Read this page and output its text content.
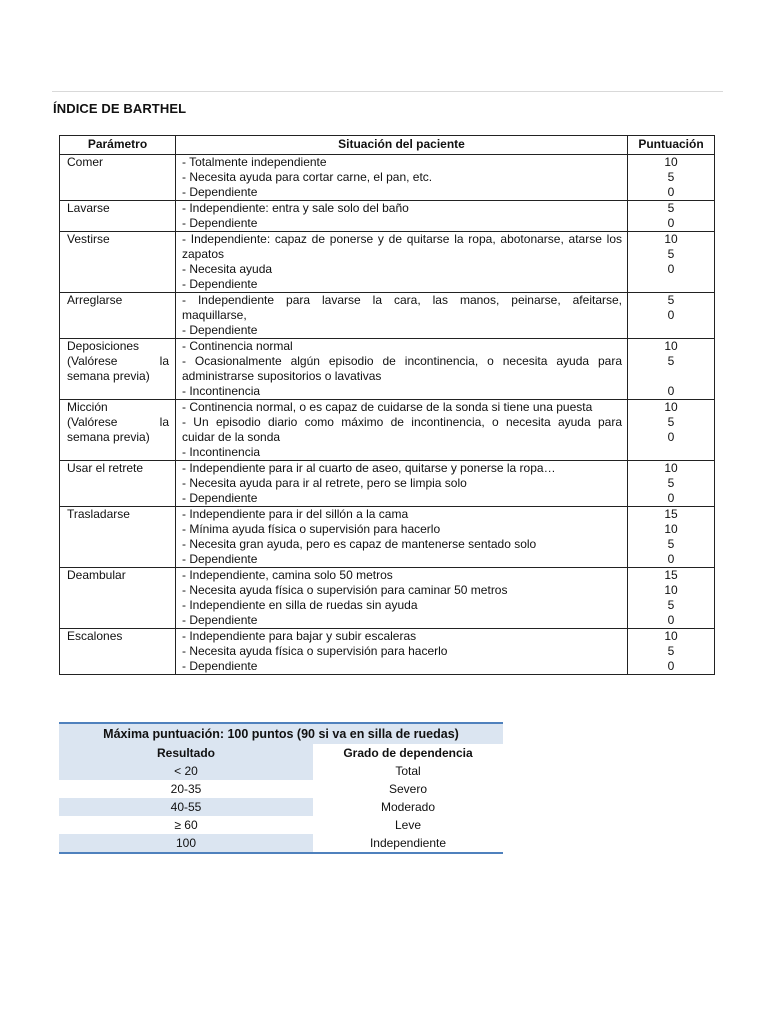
ÍNDICE DE BARTHEL
Parámetro	Situación del paciente	Puntuación

Comer	- Totalmente independiente
- Necesita ayuda para cortar carne, el pan, etc.
- Dependiente	10
5
0

Lavarse	- Independiente: entra y sale solo del baño
- Dependiente	5
0

Vestirse	- Independiente: capaz de ponerse y de quitarse la ropa, abotonarse, atarse los
zapatos
- Necesita ayuda
- Dependiente	10
5
0

Arreglarse	- Independiente para lavarse la cara, las manos, peinarse, afeitarse,
maquillarse,
- Dependiente	5
0

Deposiciones
(Valórese la
semana previa)	- Continencia normal
- Ocasionalmente algún episodio de incontinencia, o necesita ayuda para
administrarse supositorios o lavativas
- Incontinencia	10
5
0

Micción
(Valórese la
semana previa)	- Continencia normal, o es capaz de cuidarse de la sonda si tiene una puesta
- Un episodio diario como máximo de incontinencia, o necesita ayuda para
cuidar de la sonda
- Incontinencia	10
5
0

Usar el retrete	- Independiente para ir al cuarto de aseo, quitarse y ponerse la ropa…
- Necesita ayuda para ir al retrete, pero se limpia solo
- Dependiente	10
5
0

Trasladarse	- Independiente para ir del sillón a la cama
- Mínima ayuda física o supervisión para hacerlo
- Necesita gran ayuda, pero es capaz de mantenerse sentado solo
- Dependiente	15
10
5
0

Deambular	- Independiente, camina solo 50 metros
- Necesita ayuda física o supervisión para caminar 50 metros
- Independiente en silla de ruedas sin ayuda
- Dependiente	15
10
5
0

Escalones	- Independiente para bajar y subir escaleras
- Necesita ayuda física o supervisión para hacerlo
- Dependiente	10
5
0
Máxima puntuación: 100 puntos (90 si va en silla de ruedas)
Resultado	Grado de dependencia
< 20	Total
20-35	Severo
40-55	Moderado
≥ 60	Leve
100	Independiente
